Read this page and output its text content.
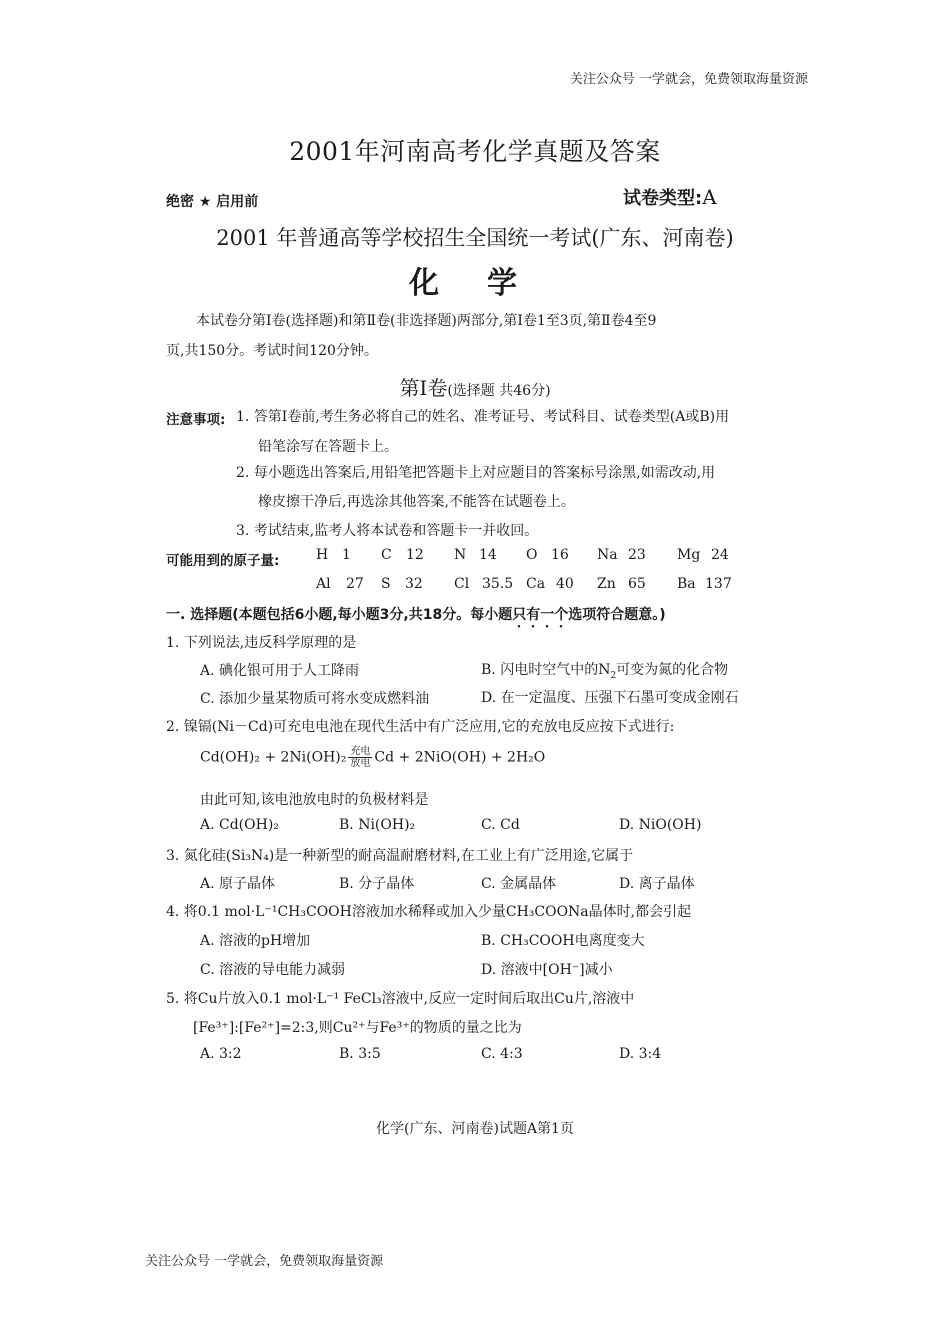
关注公众号 一学就会，免费领取海量资源
2001年河南高考化学真题及答案
绝密 ★ 启用前	试卷类型:A
2001 年普通高等学校招生全国统一考试(广东、河南卷)
化学
本试卷分第Ⅰ卷(选择题)和第Ⅱ卷(非选择题)两部分,第Ⅰ卷1至3页,第Ⅱ卷4至9
页,共150分。考试时间120分钟。
第Ⅰ卷(选择题 共46分)
注意事项: 1. 答第Ⅰ卷前,考生务必将自己的姓名、准考证号、考试科目、试卷类型(A或B)用
铅笔涂写在答题卡上。
2. 每小题选出答案后,用铅笔把答题卡上对应题目的答案标号涂黑,如需改动,用
橡皮擦干净后,再选涂其他答案,不能答在试题卷上。
3. 考试结束,监考人将本试卷和答题卡一并收回。
可能用到的原子量:	H 1 C 12 N 14 O 16 Na 23 Mg 24
Al 27 S 32 Cl 35.5 Ca 40 Zn 65 Ba 137
一. 选择题(本题包括6小题,每小题3分,共18分。每小题只有一个选项符合题意。)
1. 下列说法,违反科学原理的是
A. 碘化银可用于人工降雨	B. 闪电时空气中的$N_2$可变为氮的化合物
C. 添加少量某物质可将水变成燃料油	D. 在一定温度、压强下石墨可变成金刚石
2. 镍镉(Ni－Cd)可充电电池在现代生活中有广泛应用,它的充放电反应按下式进行:
Cd(OH)₂ + 2Ni(OH)₂ 充电
放电 Cd + 2NiO(OH) + 2H₂O
由此可知,该电池放电时的负极材料是
A. Cd(OH)₂	B. Ni(OH)₂	C. Cd	D. NiO(OH)
3. 氮化硅(Si₃N₄)是一种新型的耐高温耐磨材料,在工业上有广泛用途,它属于
A. 原子晶体	B. 分子晶体	C. 金属晶体	D. 离子晶体
4. 将0.1 mol·L⁻¹CH₃COOH溶液加水稀释或加入少量CH₃COONa晶体时,都会引起
A. 溶液的pH增加	B. CH₃COOH电离度变大
C. 溶液的导电能力减弱	D. 溶液中[OH⁻]减小
5. 将Cu片放入0.1 mol·L⁻¹ FeCl₃溶液中,反应一定时间后取出Cu片,溶液中
[Fe³⁺]:[Fe²⁺]=2:3,则Cu²⁺与Fe³⁺的物质的量之比为
A. 3:2	B. 3:5	C. 4:3	D. 3:4
化学(广东、河南卷)试题A第1页
关注公众号 一学就会，免费领取海量资源
